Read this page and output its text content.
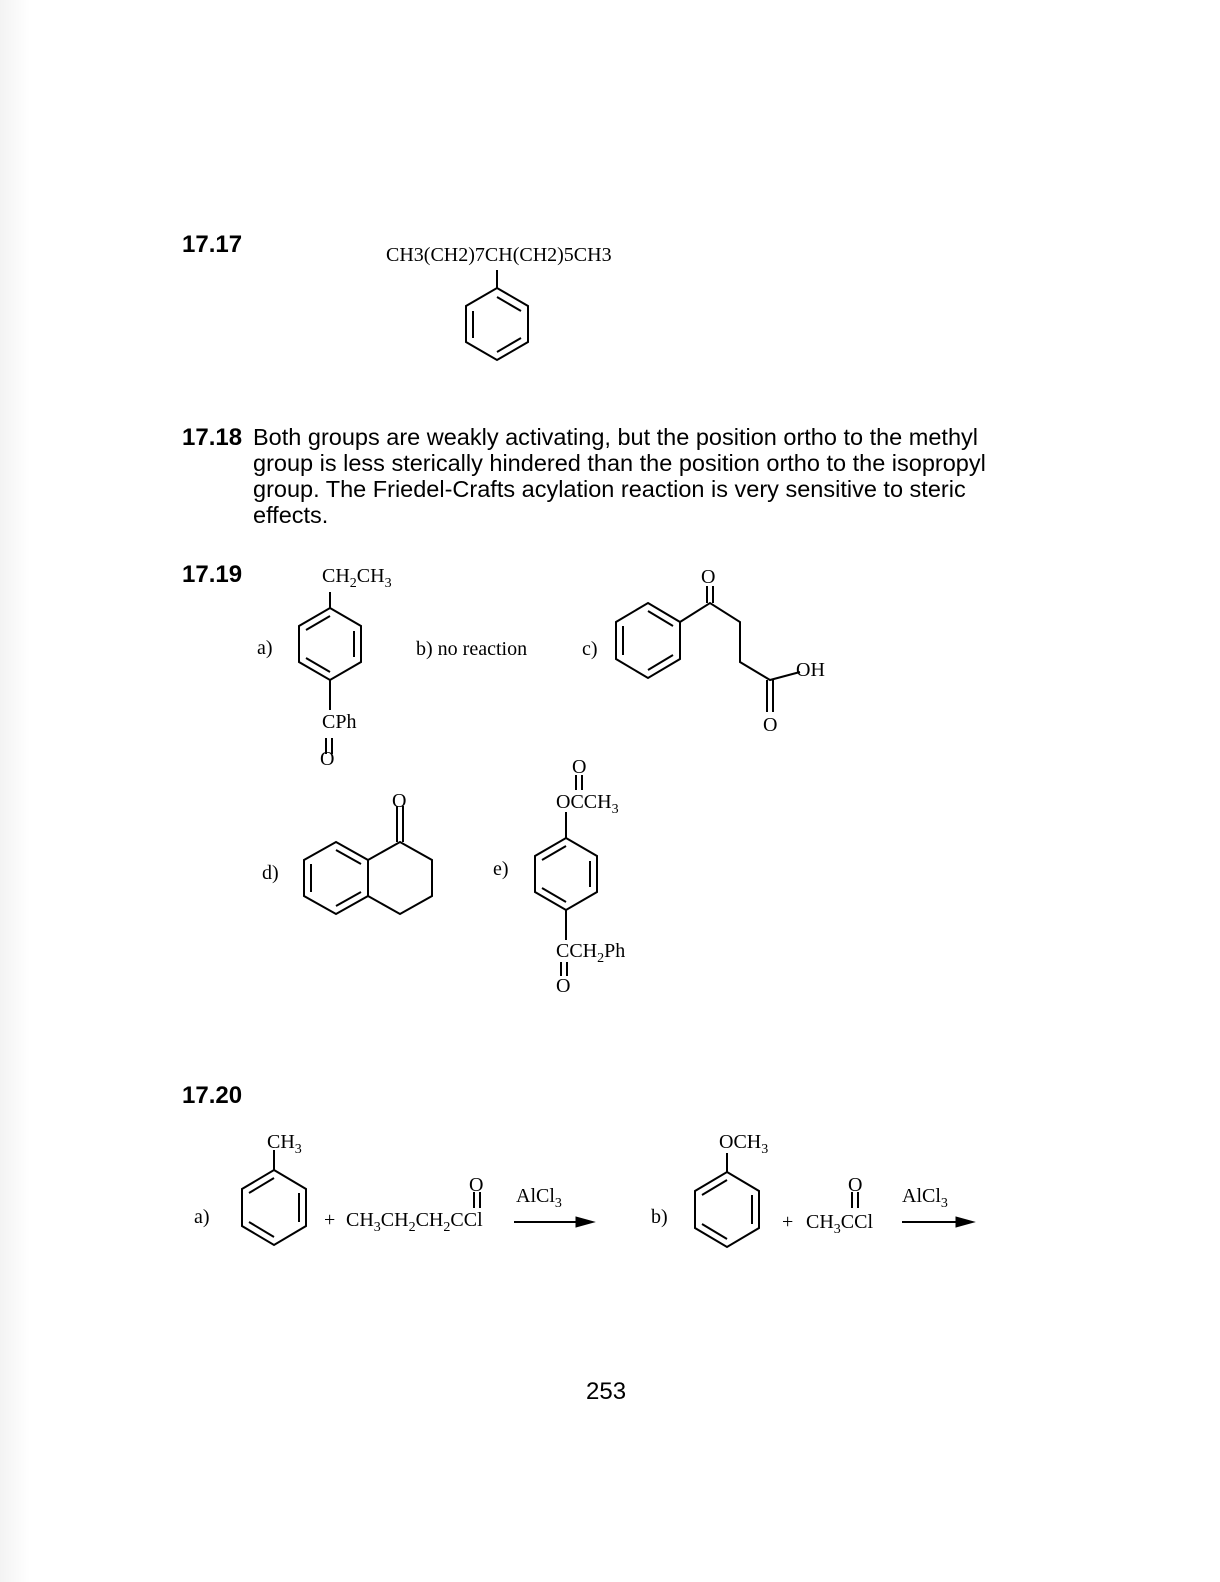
17.17	CH3(CH2)7CH(CH2)5CH3
17.18 Both groups are weakly activating, but the position ortho to the methyl group is less sterically hindered than the position ortho to the isopropyl group. The Friedel-Crafts acylation reaction is very sensitive to steric effects.
17.19
a)
$CH_2CH_3$
CPh
O
b) no reaction	c)
O
OH
O
d)
O
e)
O
$OCCH_3$
$CCH_2Ph$
O
17.20
a)
$CH_3$
+ $CH_3CH_2CH_2CCl$
O AlCl$_3$
b)
$OCH_3$
+ $CH_3CCl$
O AlCl$_3$
253
